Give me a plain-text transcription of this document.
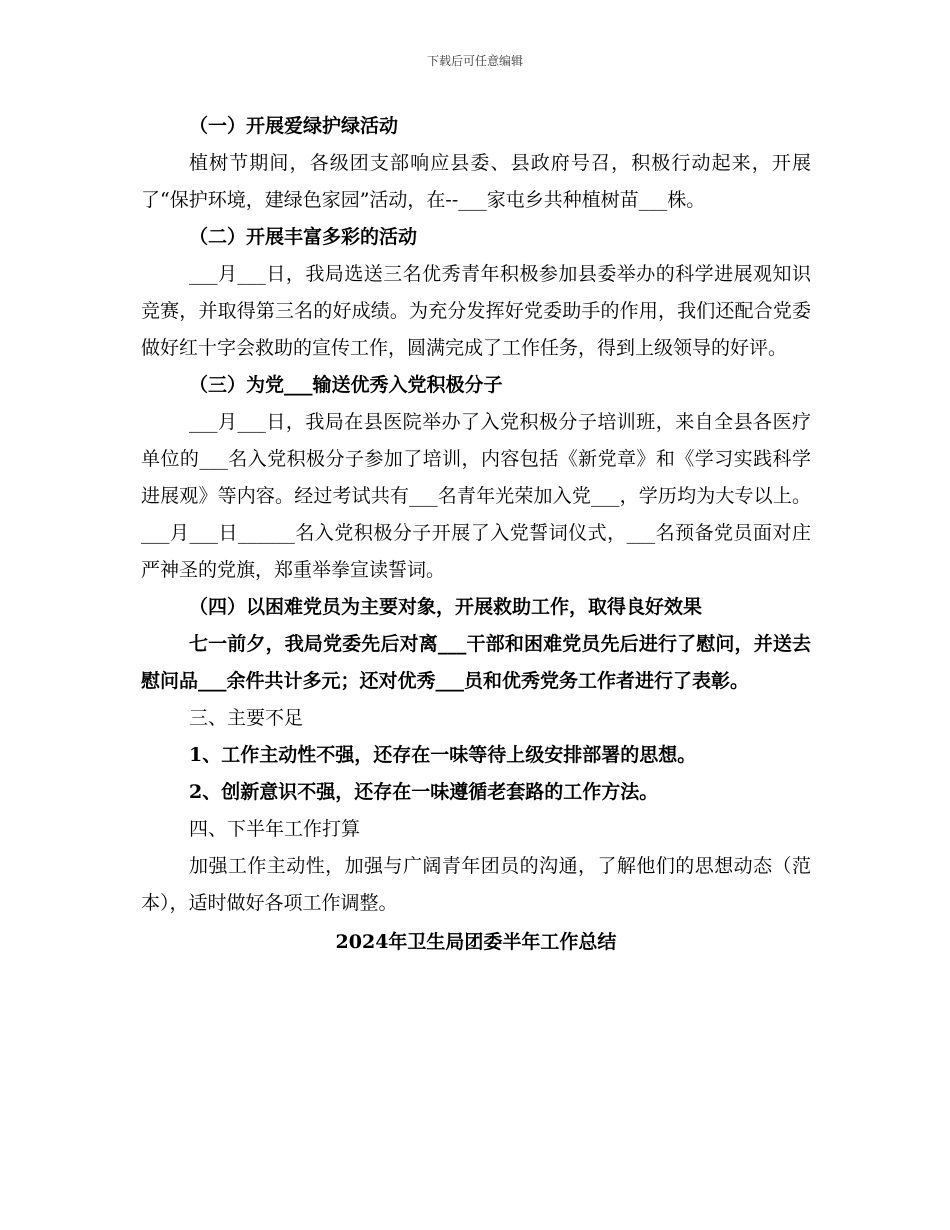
下载后可任意编辑

（一）开展爱绿护绿活动

植树节期间，各级团支部响应县委、县政府号召，积极行动起来，开展了“保护环境，建绿色家园”活动，在--___家屯乡共种植树苗___株。

（二）开展丰富多彩的活动

___月___日，我局选送三名优秀青年积极参加县委举办的科学进展观知识竞赛，并取得第三名的好成绩。为充分发挥好党委助手的作用，我们还配合党委做好红十字会救助的宣传工作，圆满完成了工作任务，得到上级领导的好评。

（三）为党___输送优秀入党积极分子

___月___日，我局在县医院举办了入党积极分子培训班，来自全县各医疗单位的___名入党积极分子参加了培训，内容包括《新党章》和《学习实践科学进展观》等内容。经过考试共有___名青年光荣加入党___，学历均为大专以上。___月___日______名入党积极分子开展了入党誓词仪式，___名预备党员面对庄严神圣的党旗，郑重举拳宣读誓词。

（四）以困难党员为主要对象，开展救助工作，取得良好效果

七一前夕，我局党委先后对离___干部和困难党员先后进行了慰问，并送去慰问品___余件共计多元；还对优秀___员和优秀党务工作者进行了表彰。

三、主要不足

1、工作主动性不强，还存在一味等待上级安排部署的思想。

2、创新意识不强，还存在一味遵循老套路的工作方法。

四、下半年工作打算

加强工作主动性，加强与广阔青年团员的沟通，了解他们的思想动态（范本），适时做好各项工作调整。

2024年卫生局团委半年工作总结
